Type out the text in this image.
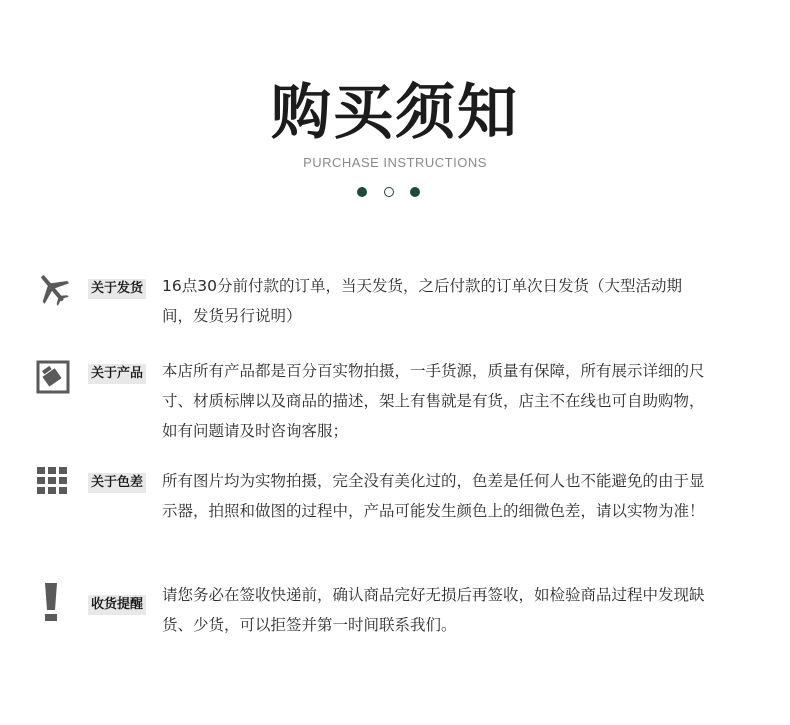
购买须知
PURCHASE INSTRUCTIONS
关于发货 16点30分前付款的订单，当天发货，之后付款的订单次日发货（大型活动期间，发货另行说明）
关于产品 本店所有产品都是百分百实物拍摄，一手货源，质量有保障，所有展示详细的尺寸、材质标牌以及商品的描述，架上有售就是有货，店主不在线也可自助购物，如有问题请及时咨询客服；
关于色差 所有图片均为实物拍摄，完全没有美化过的，色差是任何人也不能避免的由于显示器，拍照和做图的过程中，产品可能发生颜色上的细微色差，请以实物为准！
收货提醒
请您务必在签收快递前，确认商品完好无损后再签收，如检验商品过程中发现缺货、少货，可以拒签并第一时间联系我们。
